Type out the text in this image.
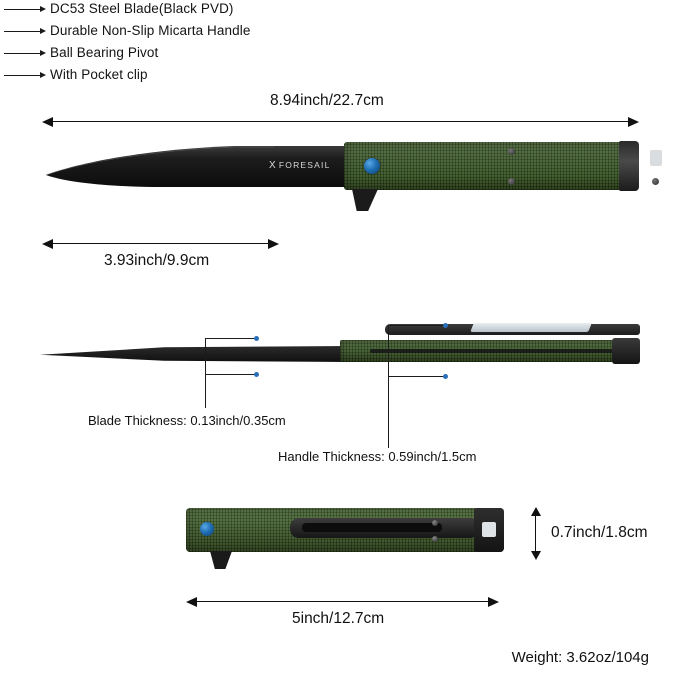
DC53 Steel Blade(Black PVD)
Durable Non-Slip Micarta Handle
Ball Bearing Pivot
With Pocket clip
8.94inch/22.7cm
X FORESAIL
3.93inch/9.9cm
Blade Thickness: 0.13inch/0.35cm
Handle Thickness: 0.59inch/1.5cm
0.7inch/1.8cm
5inch/12.7cm
Weight: 3.62oz/104g
